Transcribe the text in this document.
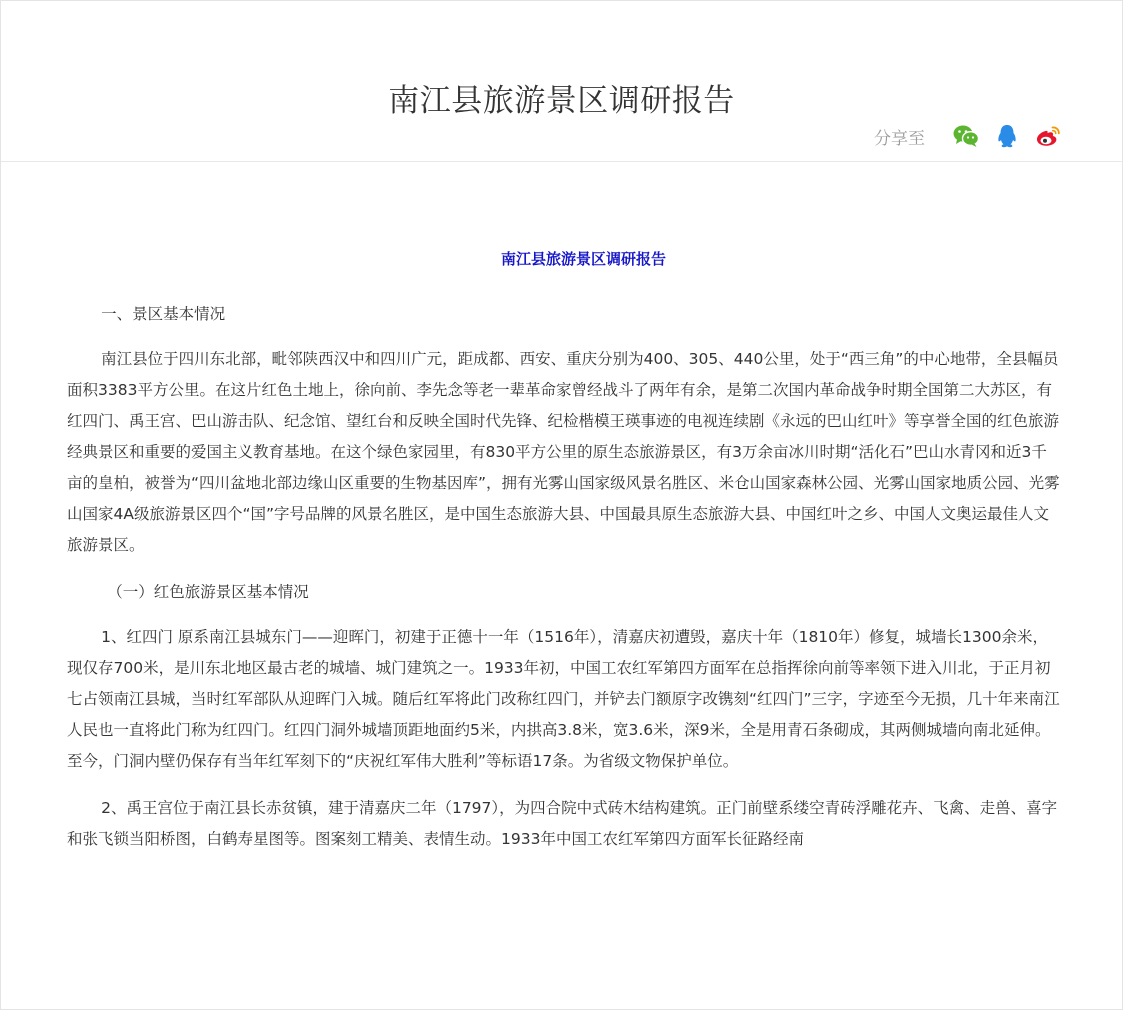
南江县旅游景区调研报告
分享至
南江县旅游景区调研报告

一、景区基本情况

南江县位于四川东北部，毗邻陕西汉中和四川广元，距成都、西安、重庆分别为400、305、440公里，处于“西三角”的中心地带，全县幅员面积3383平方公里。在这片红色土地上，徐向前、李先念等老一辈革命家曾经战斗了两年有余，是第二次国内革命战争时期全国第二大苏区，有红四门、禹王宫、巴山游击队、纪念馆、望红台和反映全国时代先锋、纪检楷模王瑛事迹的电视连续剧《永远的巴山红叶》等享誉全国的红色旅游经典景区和重要的爱国主义教育基地。在这个绿色家园里，有830平方公里的原生态旅游景区，有3万余亩冰川时期“活化石”巴山水青冈和近3千亩的皇柏，被誉为“四川盆地北部边缘山区重要的生物基因库”，拥有光雾山国家级风景名胜区、米仓山国家森林公园、光雾山国家地质公园、光雾山国家4A级旅游景区四个“国”字号品牌的风景名胜区，是中国生态旅游大县、中国最具原生态旅游大县、中国红叶之乡、中国人文奥运最佳人文旅游景区。

（一）红色旅游景区基本情况

1、红四门 原系南江县城东门——迎晖门，初建于正德十一年（1516年），清嘉庆初遭毁，嘉庆十年（1810年）修复，城墙长1300余米，现仅存700米，是川东北地区最古老的城墙、城门建筑之一。1933年初，中国工农红军第四方面军在总指挥徐向前等率领下进入川北，于正月初七占领南江县城，当时红军部队从迎晖门入城。随后红军将此门改称红四门，并铲去门额原字改镌刻“红四门”三字，字迹至今无损，几十年来南江人民也一直将此门称为红四门。红四门洞外城墙顶距地面约5米，内拱高3.8米，宽3.6米，深9米，全是用青石条砌成，其两侧城墙向南北延伸。至今，门洞内壁仍保存有当年红军刻下的“庆祝红军伟大胜利”等标语17条。为省级文物保护单位。

2、禹王宫位于南江县长赤贫镇，建于清嘉庆二年（1797），为四合院中式砖木结构建筑。正门前壁系缕空青砖浮雕花卉、飞禽、走兽、喜字和张飞锁当阳桥图，白鹤寿星图等。图案刻工精美、表情生动。1933年中国工农红军第四方面军长征路经南
